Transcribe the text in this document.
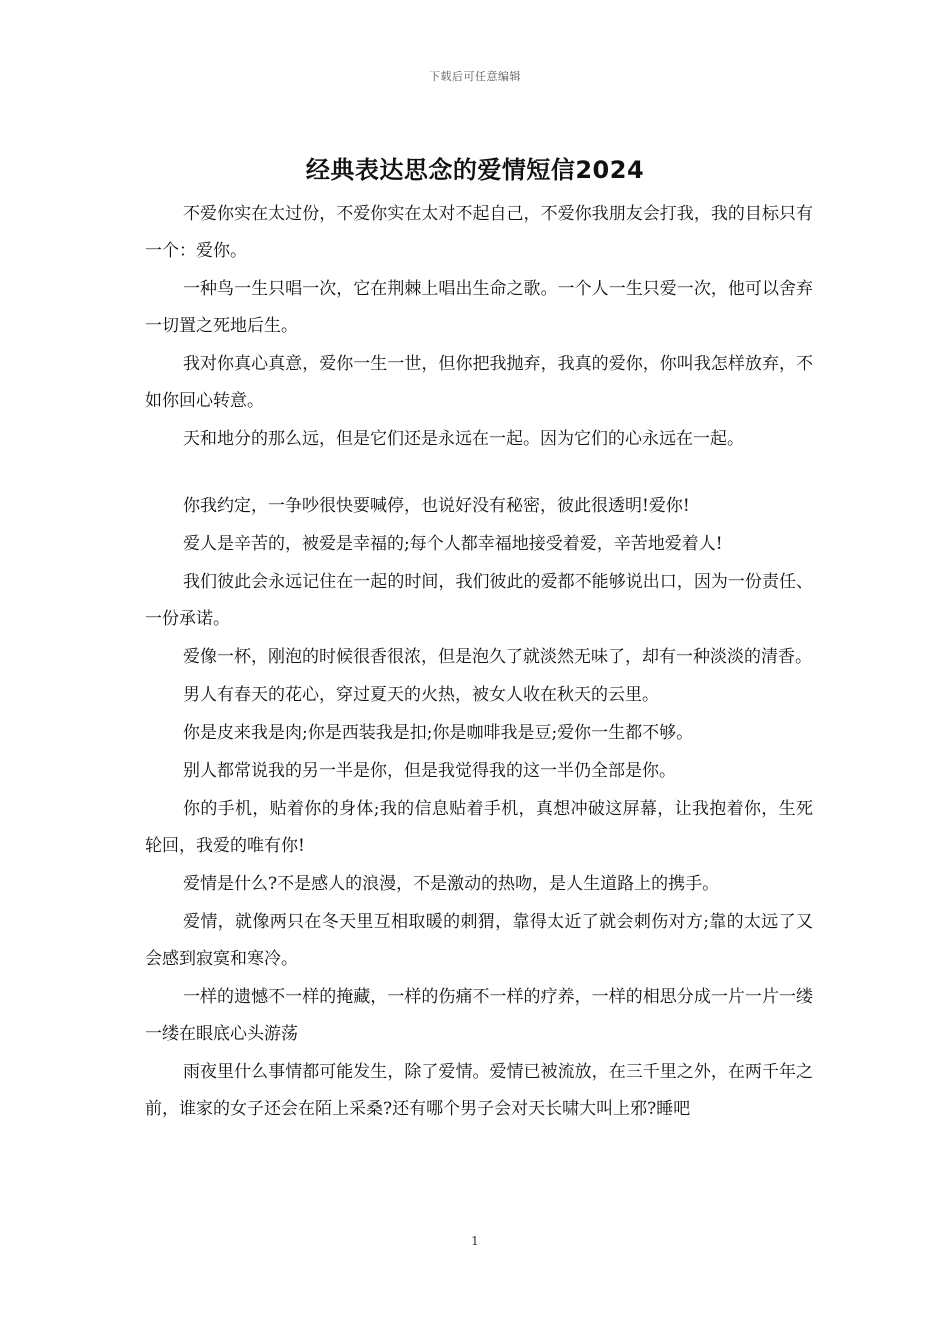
下载后可任意编辑
经典表达思念的爱情短信2024

不爱你实在太过份，不爱你实在太对不起自己，不爱你我朋友会打我，我的目标只有一个：爱你。

一种鸟一生只唱一次，它在荆棘上唱出生命之歌。一个人一生只爱一次，他可以舍弃一切置之死地后生。

我对你真心真意，爱你一生一世，但你把我抛弃，我真的爱你，你叫我怎样放弃，不如你回心转意。

天和地分的那么远，但是它们还是永远在一起。因为它们的心永远在一起。

你我约定，一争吵很快要喊停，也说好没有秘密，彼此很透明!爱你!

爱人是辛苦的，被爱是幸福的;每个人都幸福地接受着爱，辛苦地爱着人!

我们彼此会永远记住在一起的时间，我们彼此的爱都不能够说出口，因为一份责任、一份承诺。

爱像一杯，刚泡的时候很香很浓，但是泡久了就淡然无味了，却有一种淡淡的清香。

男人有春天的花心，穿过夏天的火热，被女人收在秋天的云里。

你是皮来我是肉;你是西装我是扣;你是咖啡我是豆;爱你一生都不够。

别人都常说我的另一半是你，但是我觉得我的这一半仍全部是你。

你的手机，贴着你的身体;我的信息贴着手机，真想冲破这屏幕，让我抱着你，生死轮回，我爱的唯有你!

爱情是什么?不是感人的浪漫，不是激动的热吻，是人生道路上的携手。

爱情，就像两只在冬天里互相取暖的刺猬，靠得太近了就会刺伤对方;靠的太远了又会感到寂寞和寒冷。

一样的遗憾不一样的掩藏，一样的伤痛不一样的疗养，一样的相思分成一片一片一缕一缕在眼底心头游荡

雨夜里什么事情都可能发生，除了爱情。爱情已被流放，在三千里之外，在两千年之前，谁家的女子还会在陌上采桑?还有哪个男子会对天长啸大叫上邪?睡吧

1
